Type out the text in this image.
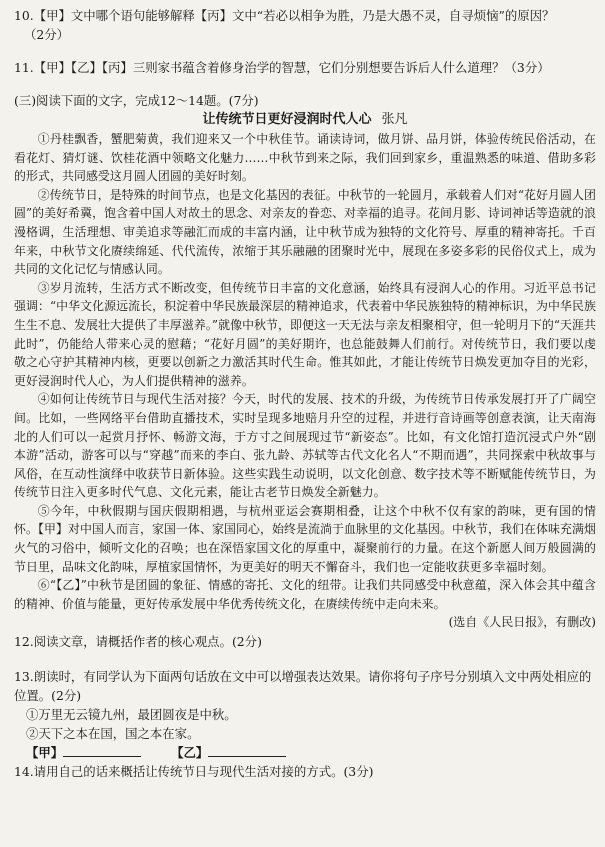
10.【甲】文中哪个语句能够解释【丙】文中“若必以相争为胜，乃是大愚不灵，自寻烦恼”的原因？
（2分）

11.【甲】【乙】【丙】三则家书蕴含着修身治学的智慧，它们分别想要告诉后人什么道理？（3分）

(三)阅读下面的文字，完成12～14题。(7分)

让传统节日更好浸润时代人心 张凡

①丹桂飘香，蟹肥菊黄，我们迎来又一个中秋佳节。诵读诗词，做月饼、品月饼，体验传统民俗活动，在看花灯、猜灯谜、饮桂花酒中领略文化魅力……中秋节到来之际，我们回到家乡，重温熟悉的味道、借助多彩的形式，共同感受这月圆人团圆的美好时刻。

②传统节日，是特殊的时间节点，也是文化基因的表征。中秋节的一轮圆月，承载着人们对“花好月圆人团圆”的美好希冀，饱含着中国人对故土的思念、对亲友的眷恋、对幸福的追寻。花间月影、诗词神话等造就的浪漫格调，生活理想、审美追求等融汇而成的丰富内涵，让中秋节成为独特的文化符号、厚重的精神寄托。千百年来，中秋节文化赓续绵延、代代流传，浓缩于其乐融融的团聚时光中，展现在多姿多彩的民俗仪式上，成为共同的文化记忆与情感认同。

③岁月流转，生活方式不断改变，但传统节日丰富的文化意涵，始终具有浸润人心的作用。习近平总书记强调：“中华文化源远流长，积淀着中华民族最深层的精神追求，代表着中华民族独特的精神标识，为中华民族生生不息、发展壮大提供了丰厚滋养。”就像中秋节，即便这一天无法与亲友相聚相守，但一轮明月下的“天涯共此时”，仍能给人带来心灵的慰藉；“花好月圆”的美好期许，也总能鼓舞人们前行。对传统节日，我们要以虔敬之心守护其精神内核，更要以创新之力激活其时代生命。惟其如此，才能让传统节日焕发更加夺目的光彩，更好浸润时代人心，为人们提供精神的滋养。

④如何让传统节日与现代生活对接？今天，时代的发展、技术的升级，为传统节日传承发展打开了广阔空间。比如，一些网络平台借助直播技术，实时呈现多地赔月升空的过程，并进行音诗画等创意表演，让天南海北的人们可以一起赏月抒怀、畅游文海，于方寸之间展现过节“新姿态”。比如，有文化馆打造沉浸式户外“剧本游”活动，游客可以与“穿越”而来的李白、张九龄、苏轼等古代文化名人“不期而遇”，共同探索中秋故事与风俗，在互动性演绎中收获节日新体验。这些实践生动说明，以文化创意、数字技术等不断赋能传统节日，为传统节日注入更多时代气息、文化元素，能让古老节日焕发全新魅力。

⑤今年，中秋假期与国庆假期相遇，与杭州亚运会赛期相叠，让这个中秋不仅有家的韵味，更有国的情怀。【甲】对中国人而言，家国一体、家国同心，始终是流淌于血脉里的文化基因。中秋节，我们在体味充满烟火气的习俗中，倾听文化的召唤；也在深悟家国文化的厚重中，凝聚前行的力量。在这个新愿人间万般圆满的节日里，品味文化韵味，厚植家国情怀，为更美好的明天不懈奋斗，我们也一定能收获更多幸福时刻。

⑥“【乙】”中秋节是团圆的象征、情感的寄托、文化的纽带。让我们共同感受中秋意蕴，深入体会其中蕴含的精神、价值与能量，更好传承发展中华优秀传统文化，在赓续传统中走向未来。

(选自《人民日报》，有删改)

12.阅读文章，请概括作者的核心观点。(2分)

13.朗读时，有同学认为下面两句话放在文中可以增强表达效果。请你将句子序号分别填入文中两处相应的位置。(2分)

①万里无云镜九州，最团圆夜是中秋。

②天下之本在国，国之本在家。

【甲】	【乙】

14.请用自己的话来概括让传统节日与现代生活对接的方式。(3分)
